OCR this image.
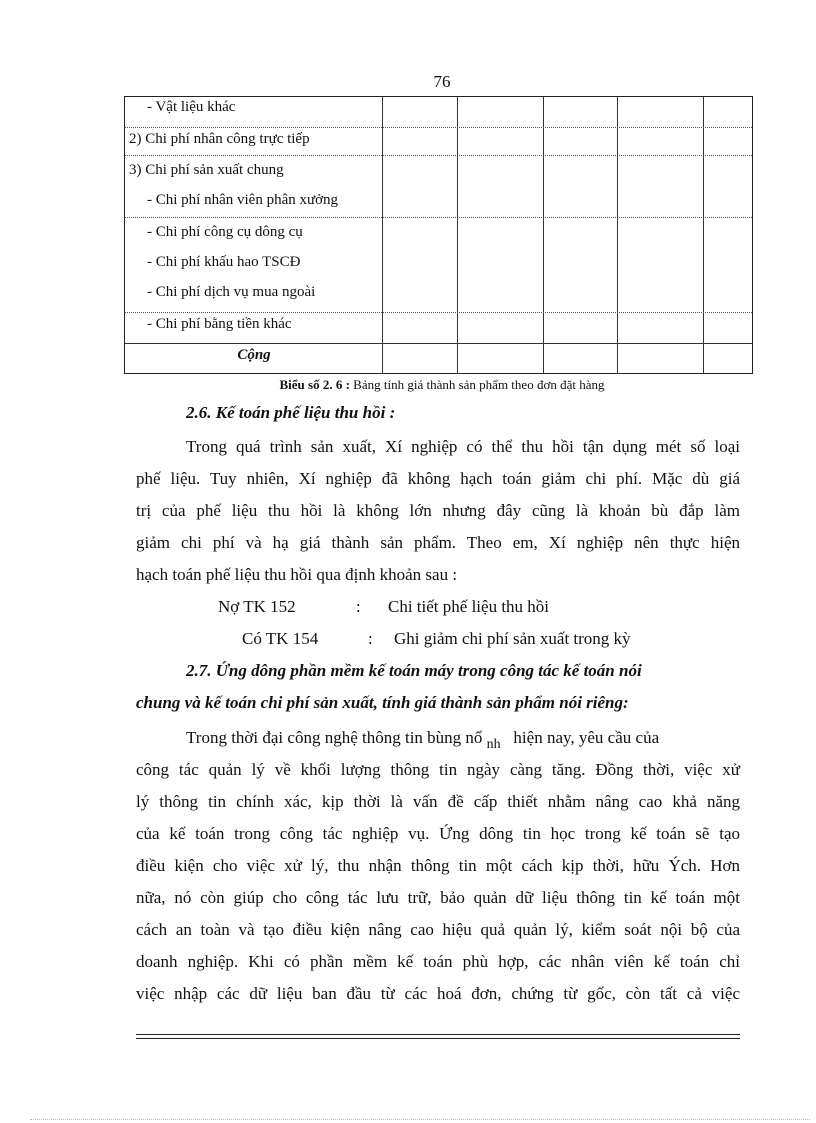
76
- Vật liệu khác
2) Chi phí nhân công trực tiếp
3) Chi phí sản xuất chung
- Chi phí nhân viên phân xưởng
- Chi phí công cụ dông cụ
- Chi phí khấu hao TSCĐ
- Chi phí dịch vụ mua ngoài
- Chi phí bằng tiền khác
Cộng
Biểu số 2. 6 : Bảng tính giá thành sản phẩm theo đơn đặt hàng
2.6. Kế toán phế liệu thu hồi :
Trong quá trình sản xuất, Xí nghiệp có thể thu hồi tận dụng mét số loại
phế liệu. Tuy nhiên, Xí nghiệp đã không hạch toán giảm chi phí. Mặc dù giá
trị của phế liệu thu hồi là không lớn nhưng đây cũng là khoản bù đắp làm
giảm chi phí và hạ giá thành sản phẩm. Theo em, Xí nghiệp nên thực hiện
hạch toán phế liệu thu hồi qua định khoản sau :
Nợ TK 152	: Chi tiết phế liệu thu hồi
Có TK 154	: Ghi giảm chi phí sản xuất trong kỳ
2.7. Ứng dông phần mềm kế toán máy trong công tác kế toán nói
chung và kế toán chi phí sản xuất, tính giá thành sản phẩm nói riêng:
Trong thời đại công nghệ thông tin bùng nổ $_{nh}$ hiện nay, yêu cầu của
công tác quản lý về khối lượng thông tin ngày càng tăng. Đồng thời, việc xử
lý thông tin chính xác, kịp thời là vấn đề cấp thiết nhằm nâng cao khả năng
của kế toán trong công tác nghiệp vụ. Ứng dông tin học trong kế toán sẽ tạo
điều kiện cho việc xử lý, thu nhận thông tin một cách kịp thời, hữu Ých. Hơn
nữa, nó còn giúp cho công tác lưu trữ, bảo quản dữ liệu thông tin kế toán một
cách an toàn và tạo điều kiện nâng cao hiệu quả quản lý, kiểm soát nội bộ của
doanh nghiệp. Khi có phần mềm kế toán phù hợp, các nhân viên kế toán chỉ
việc nhập các dữ liệu ban đầu từ các hoá đơn, chứng từ gốc, còn tất cả việc
